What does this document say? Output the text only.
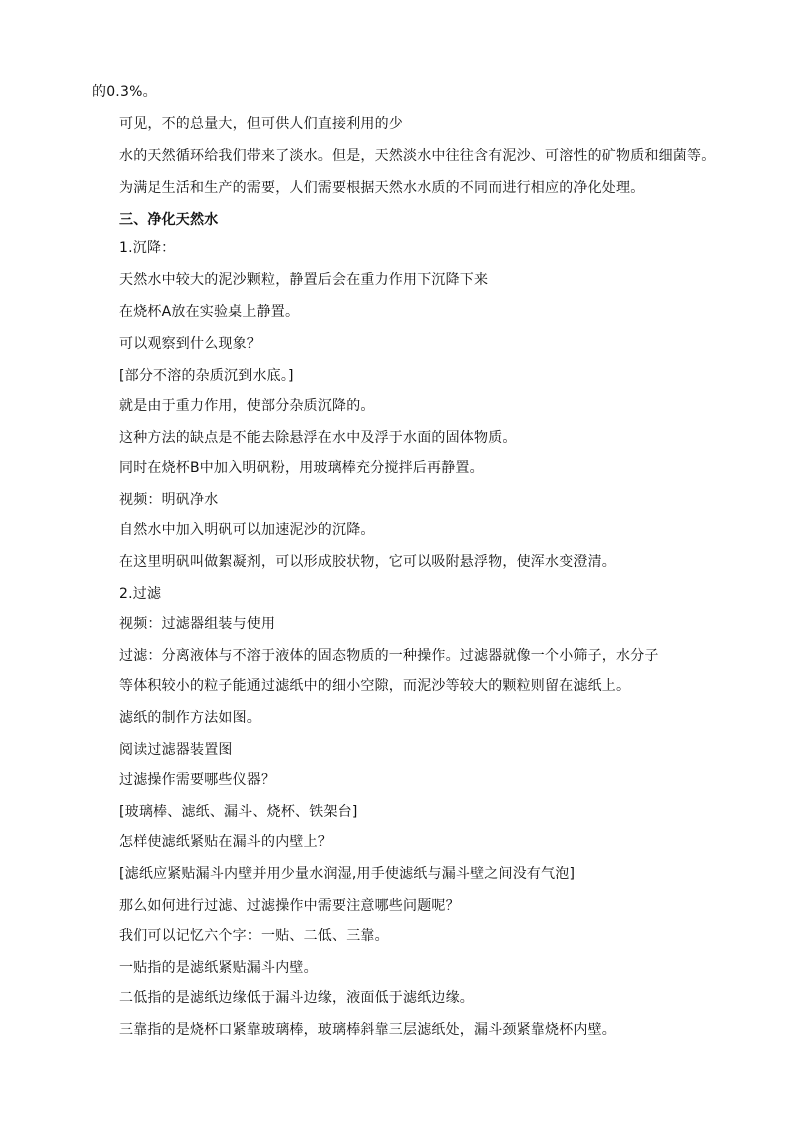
的0.3%。
可见，不的总量大，但可供人们直接利用的少
水的天然循环给我们带来了淡水。但是，天然淡水中往往含有泥沙、可溶性的矿物质和细菌等。
为满足生活和生产的需要，人们需要根据天然水水质的不同而进行相应的净化处理。
三、净化天然水
1.沉降：
天然水中较大的泥沙颗粒，静置后会在重力作用下沉降下来
在烧杯A放在实验桌上静置。
可以观察到什么现象？
[部分不溶的杂质沉到水底。]
就是由于重力作用，使部分杂质沉降的。
这种方法的缺点是不能去除悬浮在水中及浮于水面的固体物质。
同时在烧杯B中加入明矾粉，用玻璃棒充分搅拌后再静置。
视频：明矾净水
自然水中加入明矾可以加速泥沙的沉降。
在这里明矾叫做絮凝剂，可以形成胶状物，它可以吸附悬浮物，使浑水变澄清。
2.过滤
视频：过滤器组装与使用
过滤：分离液体与不溶于液体的固态物质的一种操作。过滤器就像一个小筛子，水分子
等体积较小的粒子能通过滤纸中的细小空隙，而泥沙等较大的颗粒则留在滤纸上。
滤纸的制作方法如图。
阅读过滤器装置图
过滤操作需要哪些仪器？
[玻璃棒、滤纸、漏斗、烧杯、铁架台]
怎样使滤纸紧贴在漏斗的内壁上？
[滤纸应紧贴漏斗内壁并用少量水润湿,用手使滤纸与漏斗壁之间没有气泡]
那么如何进行过滤、过滤操作中需要注意哪些问题呢？
我们可以记忆六个字：一贴、二低、三靠。
一贴指的是滤纸紧贴漏斗内壁。
二低指的是滤纸边缘低于漏斗边缘，液面低于滤纸边缘。
三靠指的是烧杯口紧靠玻璃棒，玻璃棒斜靠三层滤纸处，漏斗颈紧靠烧杯内壁。
